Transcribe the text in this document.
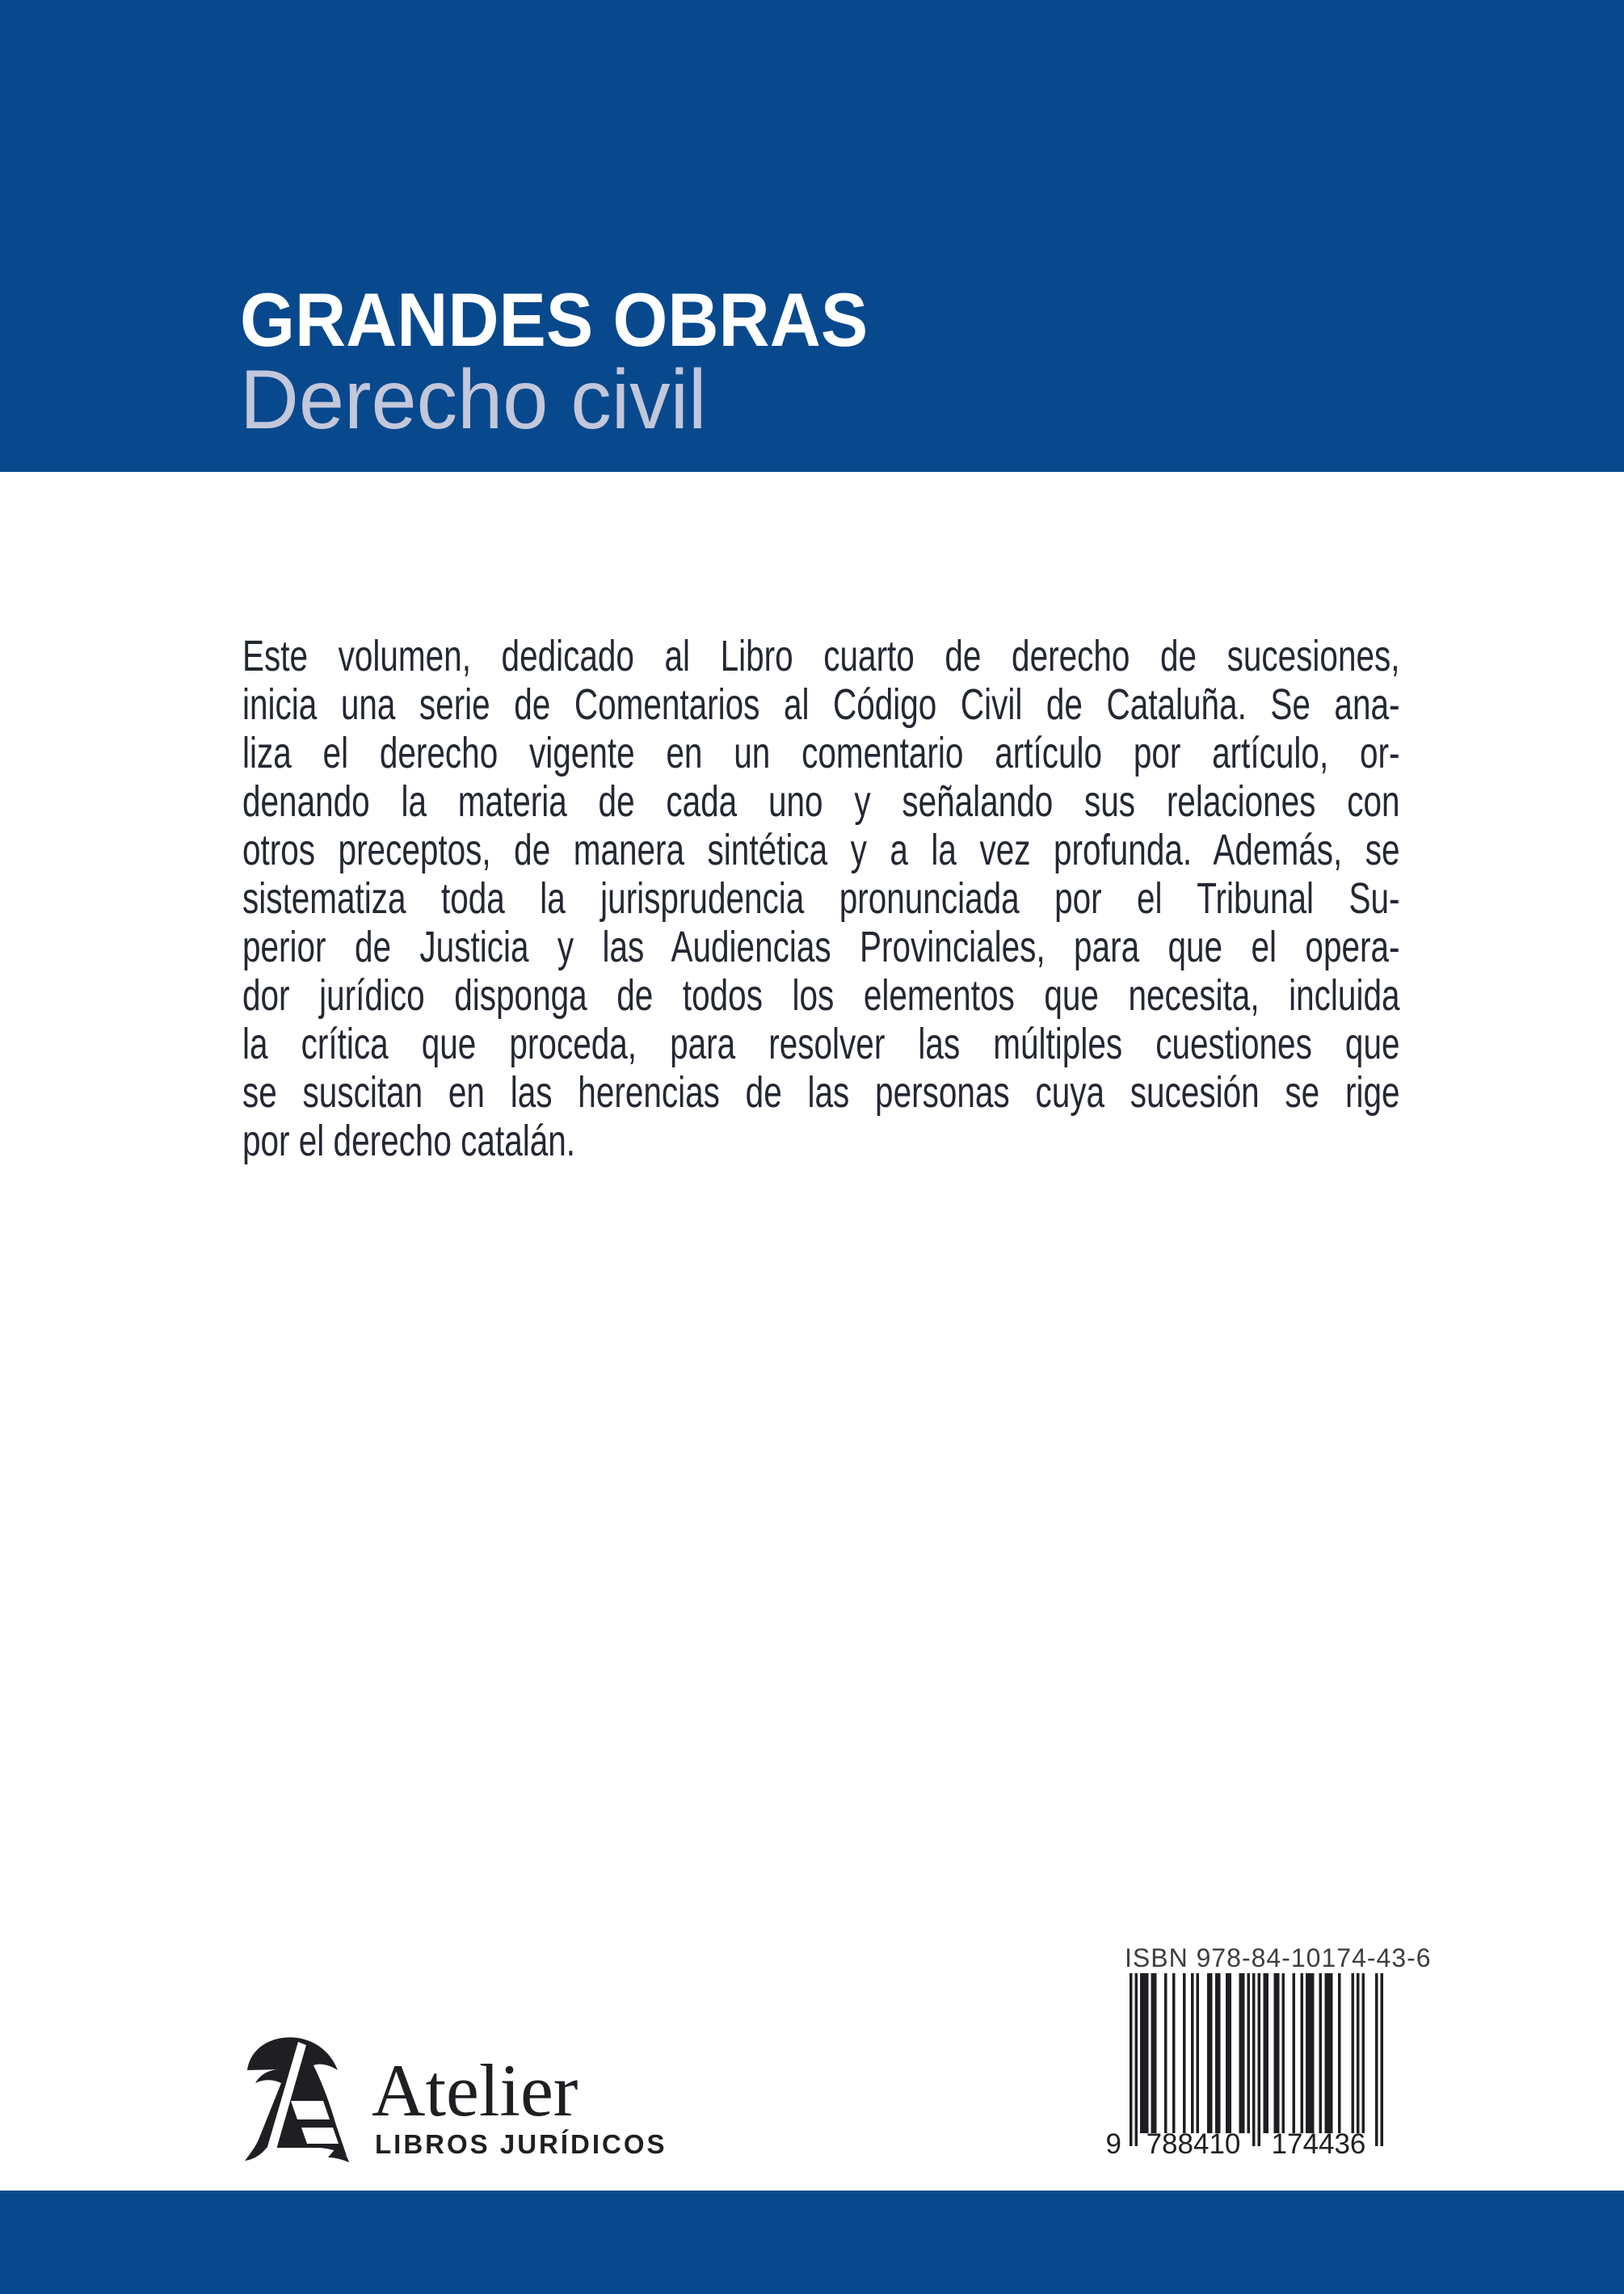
GRANDES OBRAS
Derecho civil
Este volumen, dedicado al Libro cuarto de derecho de sucesiones,
inicia una serie de Comentarios al Código Civil de Cataluña. Se ana-
liza el derecho vigente en un comentario artículo por artículo, or-
denando la materia de cada uno y señalando sus relaciones con
otros preceptos, de manera sintética y a la vez profunda. Además, se
sistematiza toda la jurisprudencia pronunciada por el Tribunal Su-
perior de Justicia y las Audiencias Provinciales, para que el opera-
dor jurídico disponga de todos los elementos que necesita, incluida
la crítica que proceda, para resolver las múltiples cuestiones que
se suscitan en las herencias de las personas cuya sucesión se rige
por el derecho catalán.
Atelier
LIBROS JURÍDICOS
ISBN 978-84-10174-43-6
9 788410	174436
